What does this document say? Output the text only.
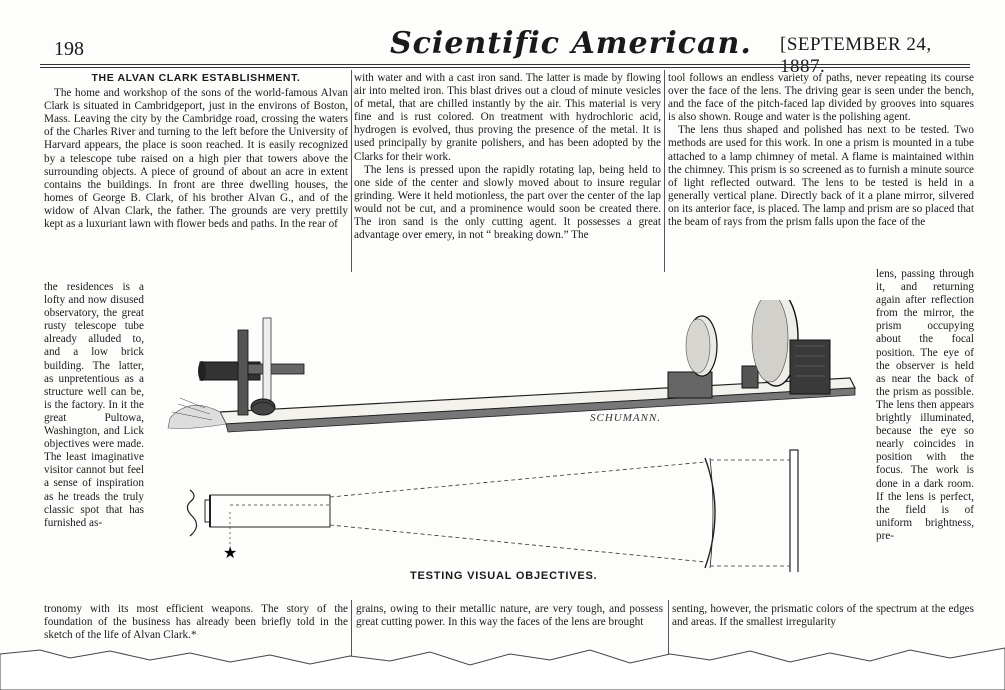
198	Scientific American. [SEPTEMBER 24, 1887.
THE ALVAN CLARK ESTABLISHMENT.

The home and workshop of the sons of the world-famous Alvan Clark is situated in Cambridgeport, just in the environs of Boston, Mass. Leaving the city by the Cambridge road, crossing the waters of the Charles River and turning to the left before the University of Harvard appears, the place is soon reached. It is easily recognized by a telescope tube raised on a high pier that towers above the surrounding objects. A piece of ground of about an acre in extent contains the buildings. In front are three dwelling houses, the homes of George B. Clark, of his brother Alvan G., and of the widow of Alvan Clark, the father. The grounds are very prettily kept as a luxuriant lawn with flower beds and paths. In the rear of

with water and with a cast iron sand. The latter is made by flowing air into melted iron. This blast drives out a cloud of minute vesicles of metal, that are chilled instantly by the air. This material is very fine and is rust colored. On treatment with hydrochloric acid, hydrogen is evolved, thus proving the presence of the metal. It is used principally by granite polishers, and has been adopted by the Clarks for their work.

The lens is pressed upon the rapidly rotating lap, being held to one side of the center and slowly moved about to insure regular grinding. Were it held motionless, the part over the center of the lap would not be cut, and a prominence would soon be created there. The iron sand is the only cutting agent. It possesses a great advantage over emery, in not “ breaking down.” The

tool follows an endless variety of paths, never repeating its course over the face of the lens. The driving gear is seen under the bench, and the face of the pitch-faced lap divided by grooves into squares is also shown. Rouge and water is the polishing agent.

The lens thus shaped and polished has next to be tested. Two methods are used for this work. In one a prism is mounted in a tube attached to a lamp chimney of metal. A flame is maintained within the chimney. This prism is so screened as to furnish a minute source of light reflected outward. The lens to be tested is held in a generally vertical plane. Directly back of it a plane mirror, silvered on its anterior face, is placed. The lamp and prism are so placed that the beam of rays from the prism falls upon the face of the

the residences is a lofty and now disused observatory, the great rusty telescope tube already alluded to, and a low brick building. The latter, as unpretentious as a structure well can be, is the factory. In it the great Pultowa, Washington, and Lick objectives were made. The least imaginative visitor cannot but feel a sense of inspiration as he treads the truly classic spot that has furnished as-
lens, passing through it, and returning again after reflection from the mirror, the prism occupying about the focal position. The eye of the observer is held as near the back of the prism as possible. The lens then appears brightly illuminated, because the eye so nearly coincides in position with the focus. The work is done in a dark room. If the lens is perfect, the field is of uniform brightness, pre-
★
SCHUMANN.
TESTING VISUAL OBJECTIVES.
tronomy with its most efficient weapons. The story of the foundation of the business has already been briefly told in the sketch of the life of Alvan Clark.*
grains, owing to their metallic nature, are very tough, and possess great cutting power. In this way the faces of the lens are brought
senting, however, the prismatic colors of the spectrum at the edges and areas. If the smallest irregularity
